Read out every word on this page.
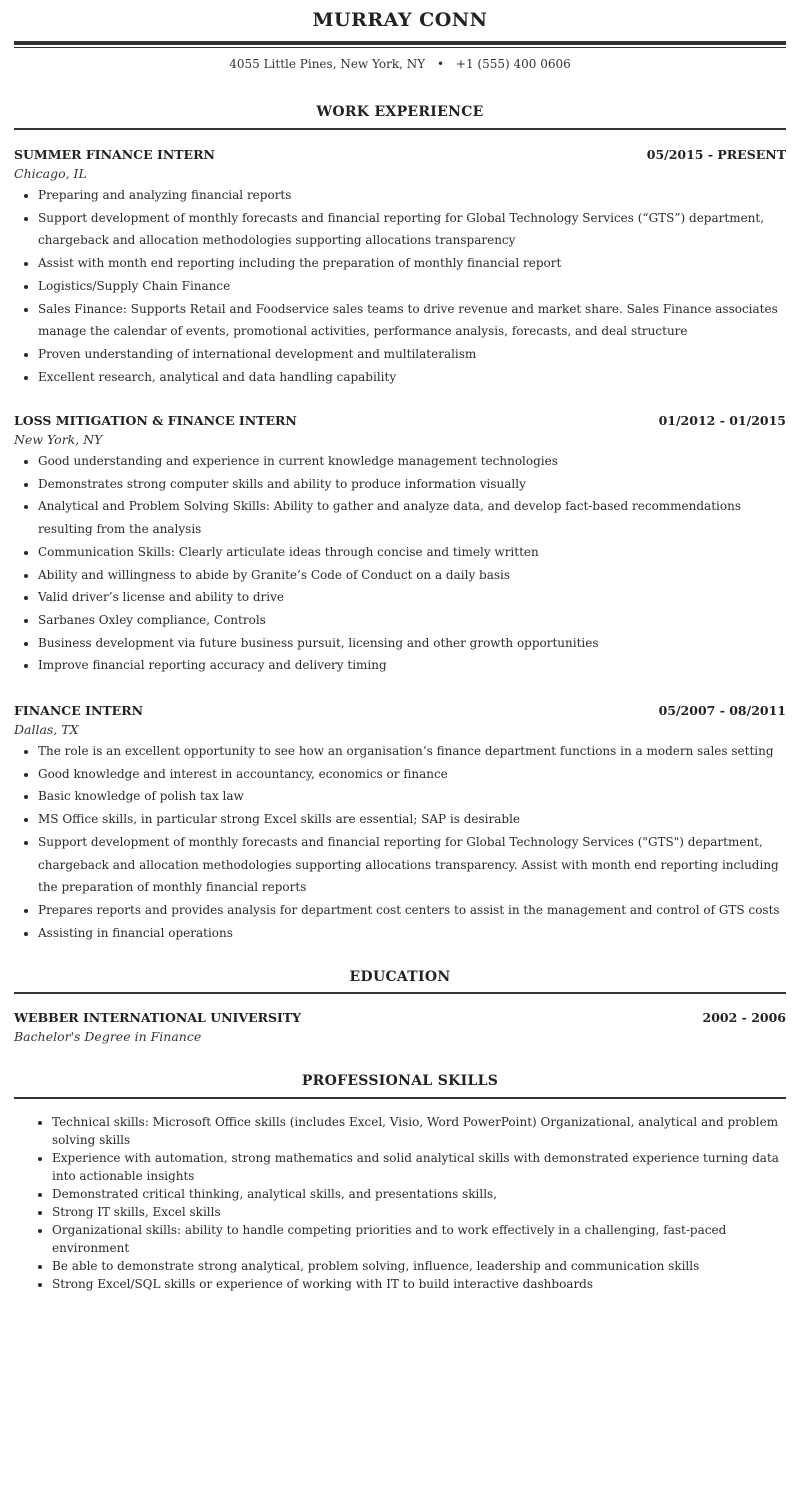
MURRAY CONN
4055 Little Pines, New York, NY • +1 (555) 400 0606
WORK EXPERIENCE
SUMMER FINANCE INTERN	05/2015 - PRESENT
Chicago, IL
• Preparing and analyzing financial reports
• Support development of monthly forecasts and financial reporting for Global Technology Services (“GTS”) department, chargeback and allocation methodologies supporting allocations transparency
• Assist with month end reporting including the preparation of monthly financial report
• Logistics/Supply Chain Finance
• Sales Finance: Supports Retail and Foodservice sales teams to drive revenue and market share. Sales Finance associates manage the calendar of events, promotional activities, performance analysis, forecasts, and deal structure
• Proven understanding of international development and multilateralism
• Excellent research, analytical and data handling capability
LOSS MITIGATION & FINANCE INTERN	01/2012 - 01/2015
New York, NY
• Good understanding and experience in current knowledge management technologies
• Demonstrates strong computer skills and ability to produce information visually
• Analytical and Problem Solving Skills: Ability to gather and analyze data, and develop fact-based recommendations resulting from the analysis
• Communication Skills: Clearly articulate ideas through concise and timely written
• Ability and willingness to abide by Granite’s Code of Conduct on a daily basis
• Valid driver’s license and ability to drive
• Sarbanes Oxley compliance, Controls
• Business development via future business pursuit, licensing and other growth opportunities
• Improve financial reporting accuracy and delivery timing
FINANCE INTERN	05/2007 - 08/2011
Dallas, TX
• The role is an excellent opportunity to see how an organisation’s finance department functions in a modern sales setting
• Good knowledge and interest in accountancy, economics or finance
• Basic knowledge of polish tax law
• MS Office skills, in particular strong Excel skills are essential; SAP is desirable
• Support development of monthly forecasts and financial reporting for Global Technology Services ("GTS") department, chargeback and allocation methodologies supporting allocations transparency. Assist with month end reporting including the preparation of monthly financial reports
• Prepares reports and provides analysis for department cost centers to assist in the management and control of GTS costs
• Assisting in financial operations
EDUCATION
WEBBER INTERNATIONAL UNIVERSITY	2002 - 2006
Bachelor's Degree in Finance
PROFESSIONAL SKILLS
• Technical skills: Microsoft Office skills (includes Excel, Visio, Word PowerPoint) Organizational, analytical and problem solving skills
• Experience with automation, strong mathematics and solid analytical skills with demonstrated experience turning data into actionable insights
• Demonstrated critical thinking, analytical skills, and presentations skills,
• Strong IT skills, Excel skills
• Organizational skills: ability to handle competing priorities and to work effectively in a challenging, fast-paced environment
• Be able to demonstrate strong analytical, problem solving, influence, leadership and communication skills
• Strong Excel/SQL skills or experience of working with IT to build interactive dashboards
